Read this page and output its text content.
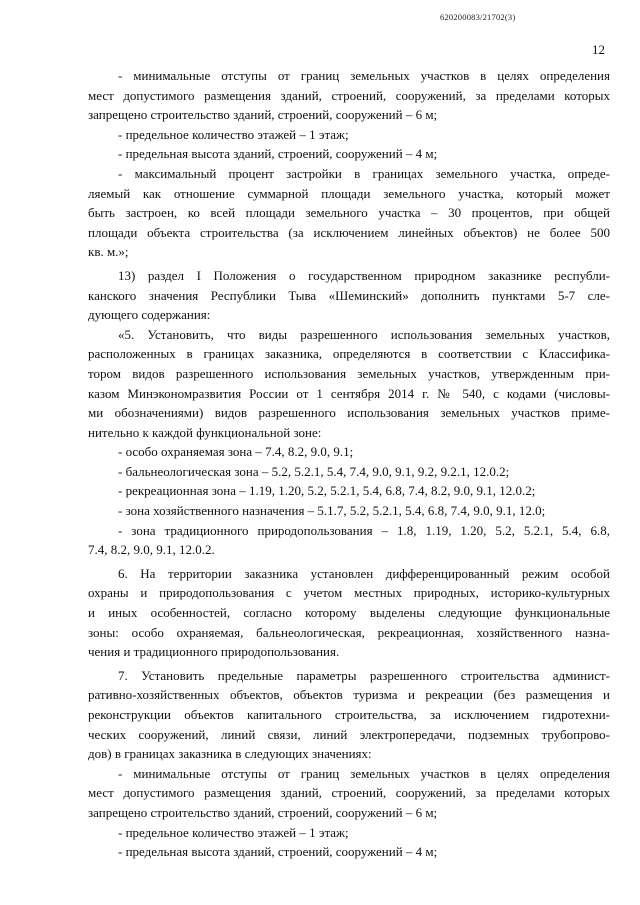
620200083/21702(3)
12
- минимальные отступы от границ земельных участков в целях определения
мест допустимого размещения зданий, строений, сооружений, за пределами которых
запрещено строительство зданий, строений, сооружений – 6 м;
- предельное количество этажей – 1 этаж;
- предельная высота зданий, строений, сооружений – 4 м;
- максимальный процент застройки в границах земельного участка, опреде-
ляемый как отношение суммарной площади земельного участка, который может
быть застроен, ко всей площади земельного участка – 30 процентов, при общей
площади объекта строительства (за исключением линейных объектов) не более 500
кв. м.»;
13) раздел I Положения о государственном природном заказнике республи-
канского значения Республики Тыва «Шеминский» дополнить пунктами 5-7 сле-
дующего содержания:
«5. Установить, что виды разрешенного использования земельных участков,
расположенных в границах заказника, определяются в соответствии с Классифика-
тором видов разрешенного использования земельных участков, утвержденным при-
казом Минэкономразвития России от 1 сентября 2014 г. № 540, с кодами (числовы-
ми обозначениями) видов разрешенного использования земельных участков приме-
нительно к каждой функциональной зоне:
- особо охраняемая зона – 7.4, 8.2, 9.0, 9.1;
- бальнеологическая зона – 5.2, 5.2.1, 5.4, 7.4, 9.0, 9.1, 9.2, 9.2.1, 12.0.2;
- рекреационная зона – 1.19, 1.20, 5.2, 5.2.1, 5.4, 6.8, 7.4, 8.2, 9.0, 9.1, 12.0.2;
- зона хозяйственного назначения – 5.1.7, 5.2, 5.2.1, 5.4, 6.8, 7.4, 9.0, 9.1, 12.0;
- зона традиционного природопользования – 1.8, 1.19, 1.20, 5.2, 5.2.1, 5.4, 6.8,
7.4, 8.2, 9.0, 9.1, 12.0.2.
6. На территории заказника установлен дифференцированный режим особой
охраны и природопользования с учетом местных природных, историко-культурных
и иных особенностей, согласно которому выделены следующие функциональные
зоны: особо охраняемая, бальнеологическая, рекреационная, хозяйственного назна-
чения и традиционного природопользования.
7. Установить предельные параметры разрешенного строительства админист-
ративно-хозяйственных объектов, объектов туризма и рекреации (без размещения и
реконструкции объектов капитального строительства, за исключением гидротехни-
ческих сооружений, линий связи, линий электропередачи, подземных трубопрово-
дов) в границах заказника в следующих значениях:
- минимальные отступы от границ земельных участков в целях определения
мест допустимого размещения зданий, строений, сооружений, за пределами которых
запрещено строительство зданий, строений, сооружений – 6 м;
- предельное количество этажей – 1 этаж;
- предельная высота зданий, строений, сооружений – 4 м;
